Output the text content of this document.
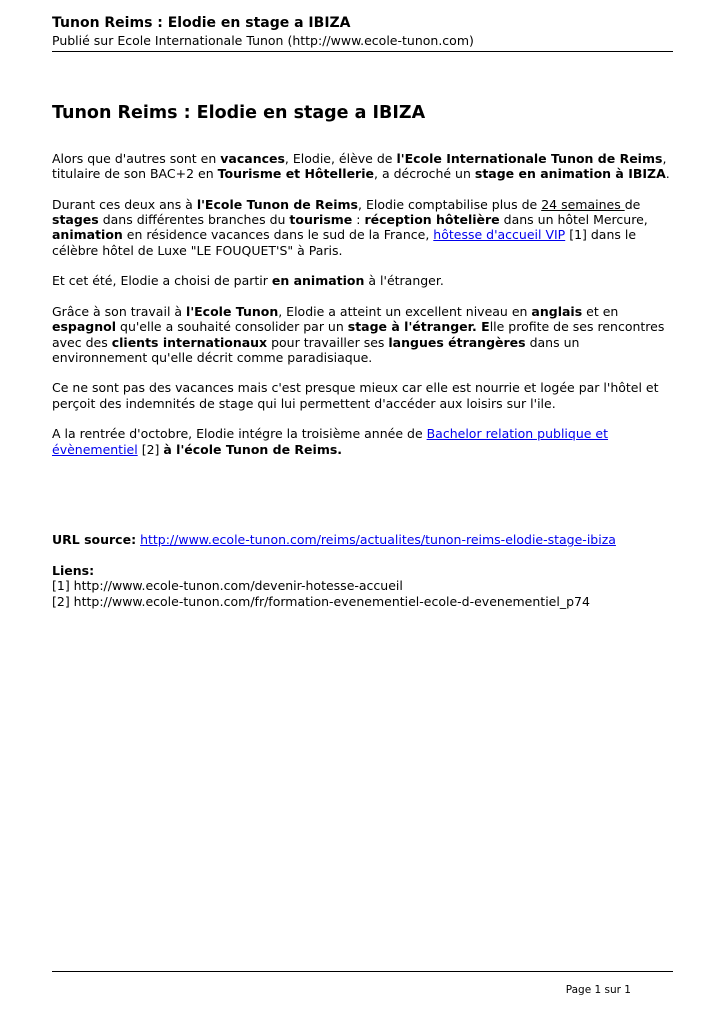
Tunon Reims : Elodie en stage a IBIZA
Publié sur Ecole Internationale Tunon (http://www.ecole-tunon.com)
Tunon Reims : Elodie en stage a IBIZA

Alors que d'autres sont en vacances, Elodie, élève de l'Ecole Internationale Tunon de Reims, titulaire de son BAC+2 en Tourisme et Hôtellerie, a décroché un stage en animation à IBIZA.

Durant ces deux ans à l'Ecole Tunon de Reims, Elodie comptabilise plus de 24 semaines de stages dans différentes branches du tourisme : réception hôtelière dans un hôtel Mercure, animation en résidence vacances dans le sud de la France, hôtesse d'accueil VIP [1] dans le célèbre hôtel de Luxe "LE FOUQUET'S" à Paris.

Et cet été, Elodie a choisi de partir en animation à l'étranger.

Grâce à son travail à l'Ecole Tunon, Elodie a atteint un excellent niveau en anglais et en espagnol qu'elle a souhaité consolider par un stage à l'étranger. Elle profite de ses rencontres avec des clients internationaux pour travailler ses langues étrangères dans un environnement qu'elle décrit comme paradisiaque.

Ce ne sont pas des vacances mais c'est presque mieux car elle est nourrie et logée par l'hôtel et perçoit des indemnités de stage qui lui permettent d'accéder aux loisirs sur l'ile.

A la rentrée d'octobre, Elodie intégre la troisième année de Bachelor relation publique et évènementiel [2] à l'école Tunon de Reims.

URL source: http://www.ecole-tunon.com/reims/actualites/tunon-reims-elodie-stage-ibiza
Liens:
[1] http://www.ecole-tunon.com/devenir-hotesse-accueil
[2] http://www.ecole-tunon.com/fr/formation-evenementiel-ecole-d-evenementiel_p74
Page 1 sur 1
